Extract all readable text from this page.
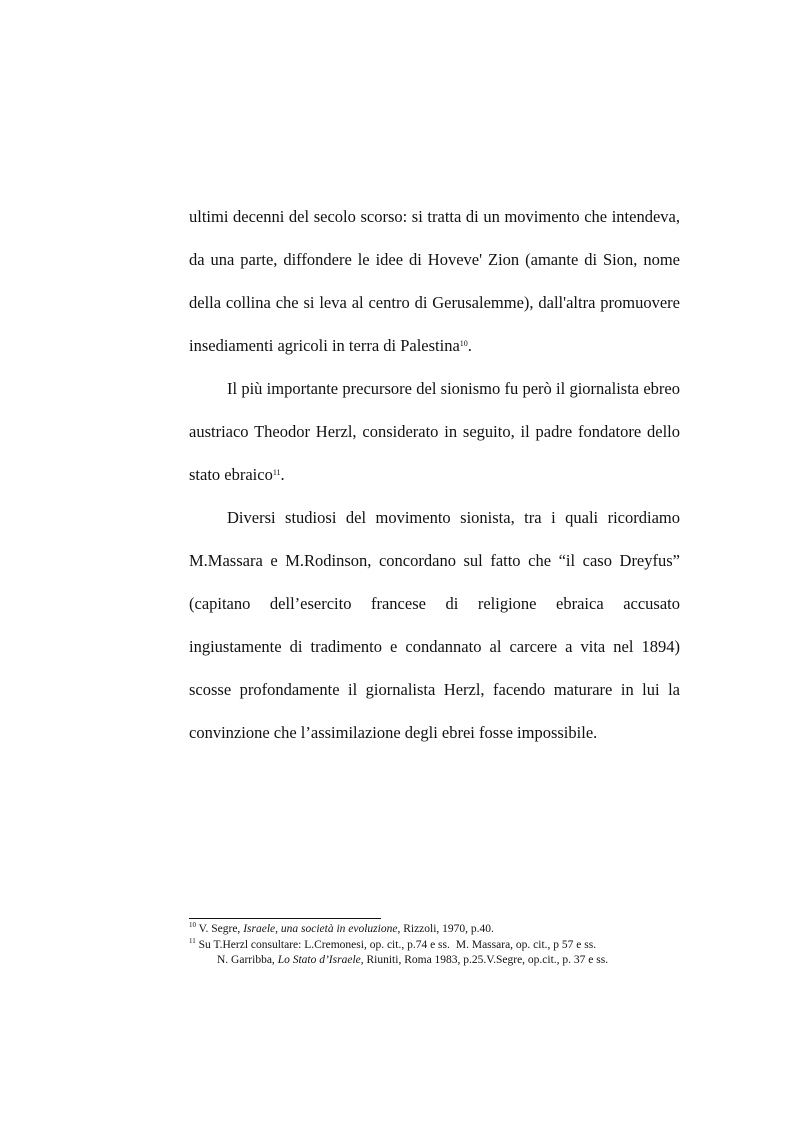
ultimi decenni del secolo scorso: si tratta di un movimento che intendeva, da una parte, diffondere le idee di Hoveve' Zion (amante di Sion, nome della collina che si leva al centro di Gerusalemme), dall'altra promuovere insediamenti agricoli in terra di Palestina$^{10}$.

Il più importante precursore del sionismo fu però il giornalista ebreo austriaco Theodor Herzl, considerato in seguito, il padre fondatore dello stato ebraico$^{11}$.

Diversi studiosi del movimento sionista, tra i quali ricordiamo M.Massara e M.Rodinson, concordano sul fatto che “il caso Dreyfus” (capitano dell’esercito francese di religione ebraica accusato ingiustamente di tradimento e condannato al carcere a vita nel 1894) scosse profondamente il giornalista Herzl, facendo maturare in lui la convinzione che l’assimilazione degli ebrei fosse impossibile.

$^{10}$ V. Segre, Israele, una società in evoluzione, Rizzoli, 1970, p.40.

$^{11}$ Su T.Herzl consultare: L.Cremonesi, op. cit., p.74 e ss. M. Massara, op. cit., p 57 e ss.
N. Garribba, Lo Stato d’Israele, Riuniti, Roma 1983, p.25.V.Segre, op.cit., p. 37 e ss.
